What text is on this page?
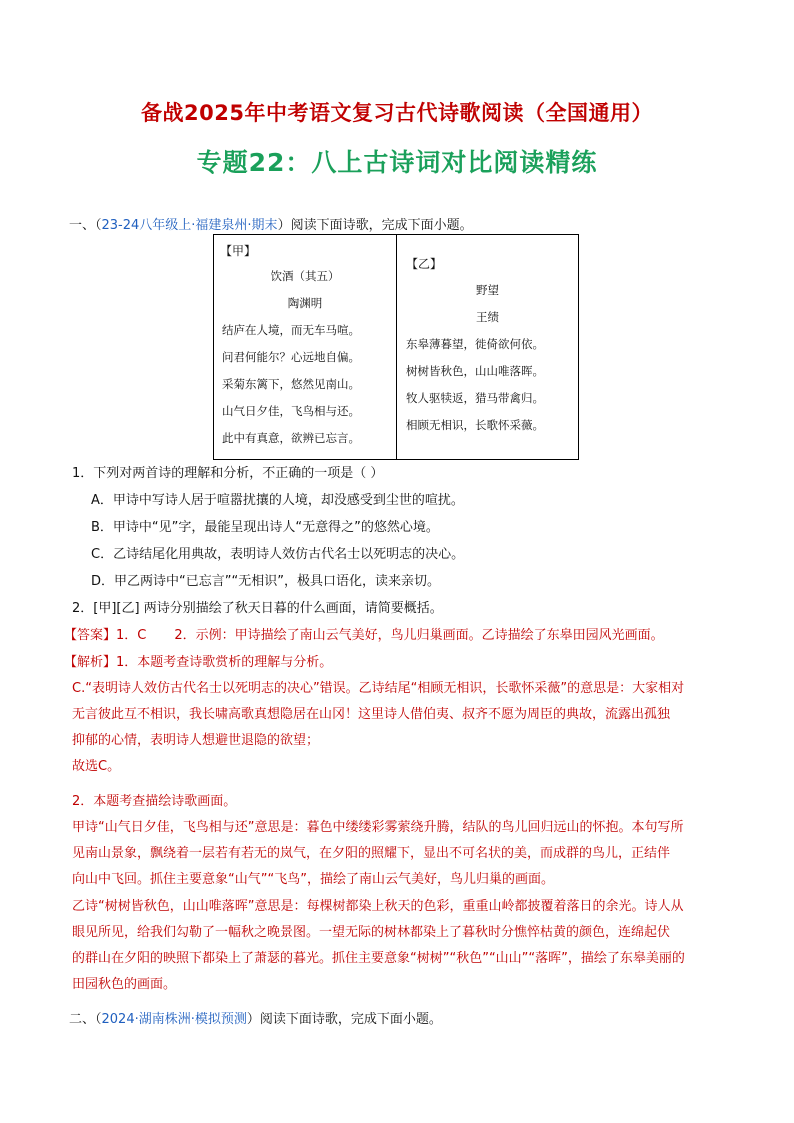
备战2025年中考语文复习古代诗歌阅读（全国通用）
专题22：八上古诗词对比阅读精练
一、（23-24八年级上·福建泉州·期末）阅读下面诗歌，完成下面小题。
【甲】
饮酒（其五）
陶渊明
结庐在人境，而无车马喧。
问君何能尔？心远地自偏。
采菊东篱下，悠然见南山。
山气日夕佳，飞鸟相与还。
此中有真意，欲辨已忘言。
【乙】
野望
王绩
东皋薄暮望，徙倚欲何依。
树树皆秋色，山山唯落晖。
牧人驱犊返，猎马带禽归。
相顾无相识，长歌怀采薇。
1．下列对两首诗的理解和分析，不正确的一项是（ ）
A．甲诗中写诗人居于喧嚣扰攘的人境，却没感受到尘世的喧扰。
B．甲诗中“见”字，最能呈现出诗人“无意得之”的悠然心境。
C．乙诗结尾化用典故，表明诗人效仿古代名士以死明志的决心。
D．甲乙两诗中“已忘言”“无相识”，极具口语化，读来亲切。
2．[甲][乙] 两诗分别描绘了秋天日暮的什么画面，请简要概括。
【答案】1．C 2．示例：甲诗描绘了南山云气美好，鸟儿归巢画面。乙诗描绘了东皋田园风光画面。
【解析】1．本题考查诗歌赏析的理解与分析。

C.“表明诗人效仿古代名士以死明志的决心”错误。乙诗结尾“相顾无相识，长歌怀采薇”的意思是：大家相对

无言彼此互不相识，我长啸高歌真想隐居在山冈！这里诗人借伯夷、叔齐不愿为周臣的典故，流露出孤独

抑郁的心情，表明诗人想避世退隐的欲望；

故选C。

2．本题考查描绘诗歌画面。

甲诗“山气日夕佳，飞鸟相与还”意思是：暮色中缕缕彩雾萦绕升腾，结队的鸟儿回归远山的怀抱。本句写所

见南山景象，飘绕着一层若有若无的岚气，在夕阳的照耀下，显出不可名状的美，而成群的鸟儿，正结伴

向山中飞回。抓住主要意象“山气”“飞鸟”，描绘了南山云气美好，鸟儿归巢的画面。

乙诗“树树皆秋色，山山唯落晖”意思是：每棵树都染上秋天的色彩，重重山岭都披覆着落日的余光。诗人从

眼见所见，给我们勾勒了一幅秋之晚景图。一望无际的树林都染上了暮秋时分憔悴枯黄的颜色，连绵起伏

的群山在夕阳的映照下都染上了萧瑟的暮光。抓住主要意象“树树”“秋色”“山山”“落晖”，描绘了东皋美丽的

田园秋色的画面。

二、（2024·湖南株洲·模拟预测）阅读下面诗歌，完成下面小题。
